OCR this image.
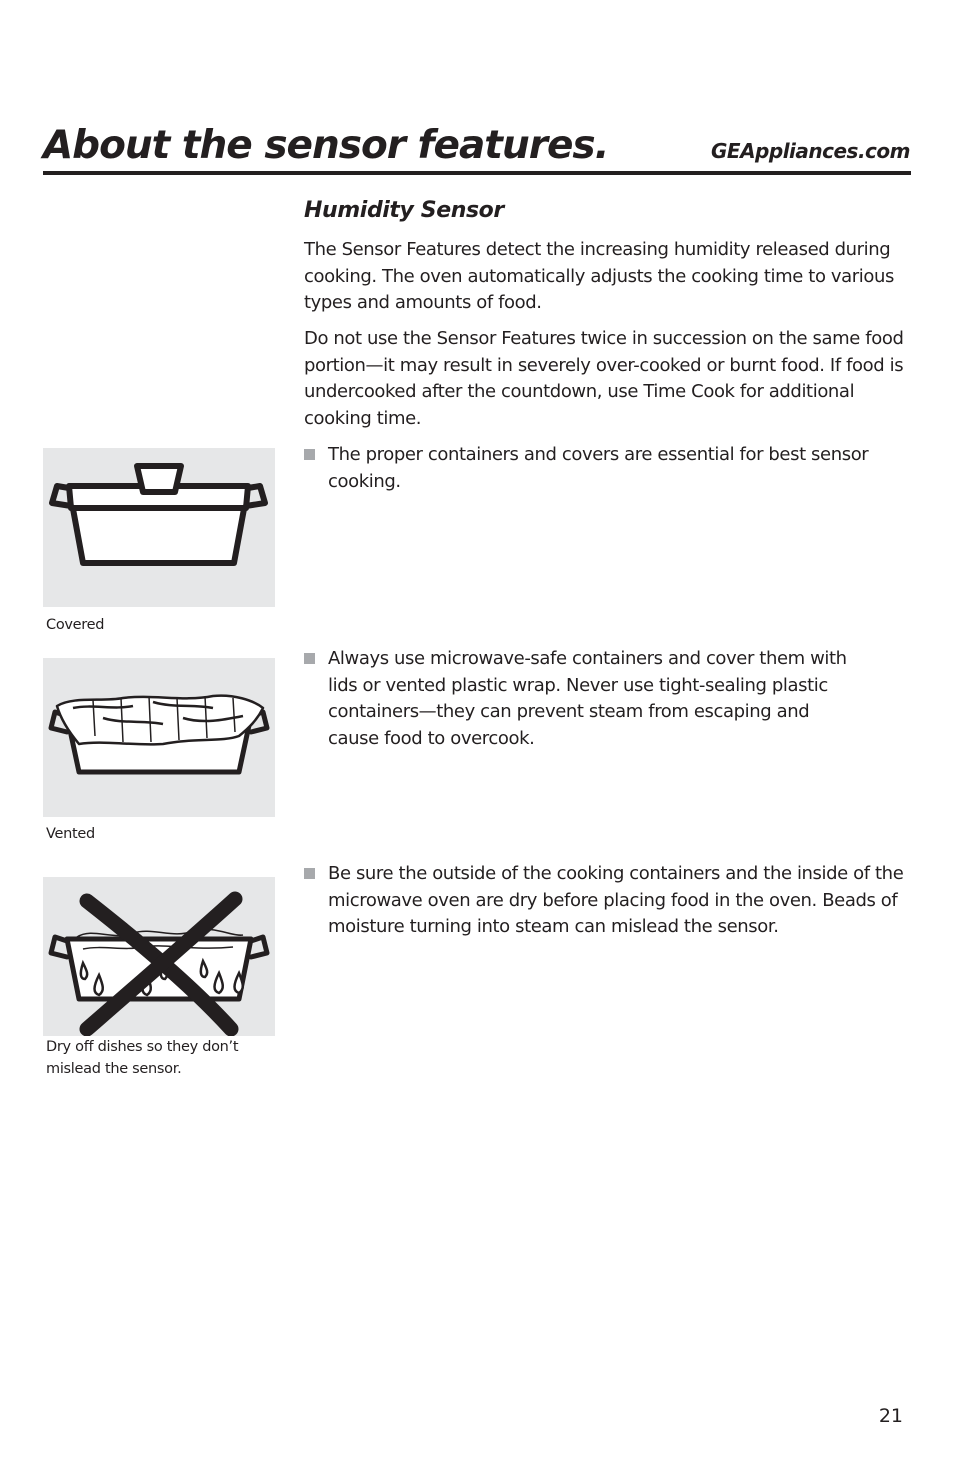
About the sensor features.	GEAppliances.com
Humidity Sensor

The Sensor Features detect the increasing humidity released during cooking. The oven automatically adjusts the cooking time to various types and amounts of food.

Do not use the Sensor Features twice in succession on the same food portion—it may result in severely over-cooked or burnt food. If food is undercooked after the countdown, use Time Cook for additional cooking time.

The proper containers and covers are essential for best sensor cooking.
Always use microwave-safe containers and cover them with lids or vented plastic wrap. Never use tight-sealing plastic containers—they can prevent steam from escaping and cause food to overcook.
Be sure the outside of the cooking containers and the inside of the microwave oven are dry before placing food in the oven. Beads of moisture turning into steam can mislead the sensor.
Covered
Vented
Dry off dishes so they don’t mislead the sensor.
21
